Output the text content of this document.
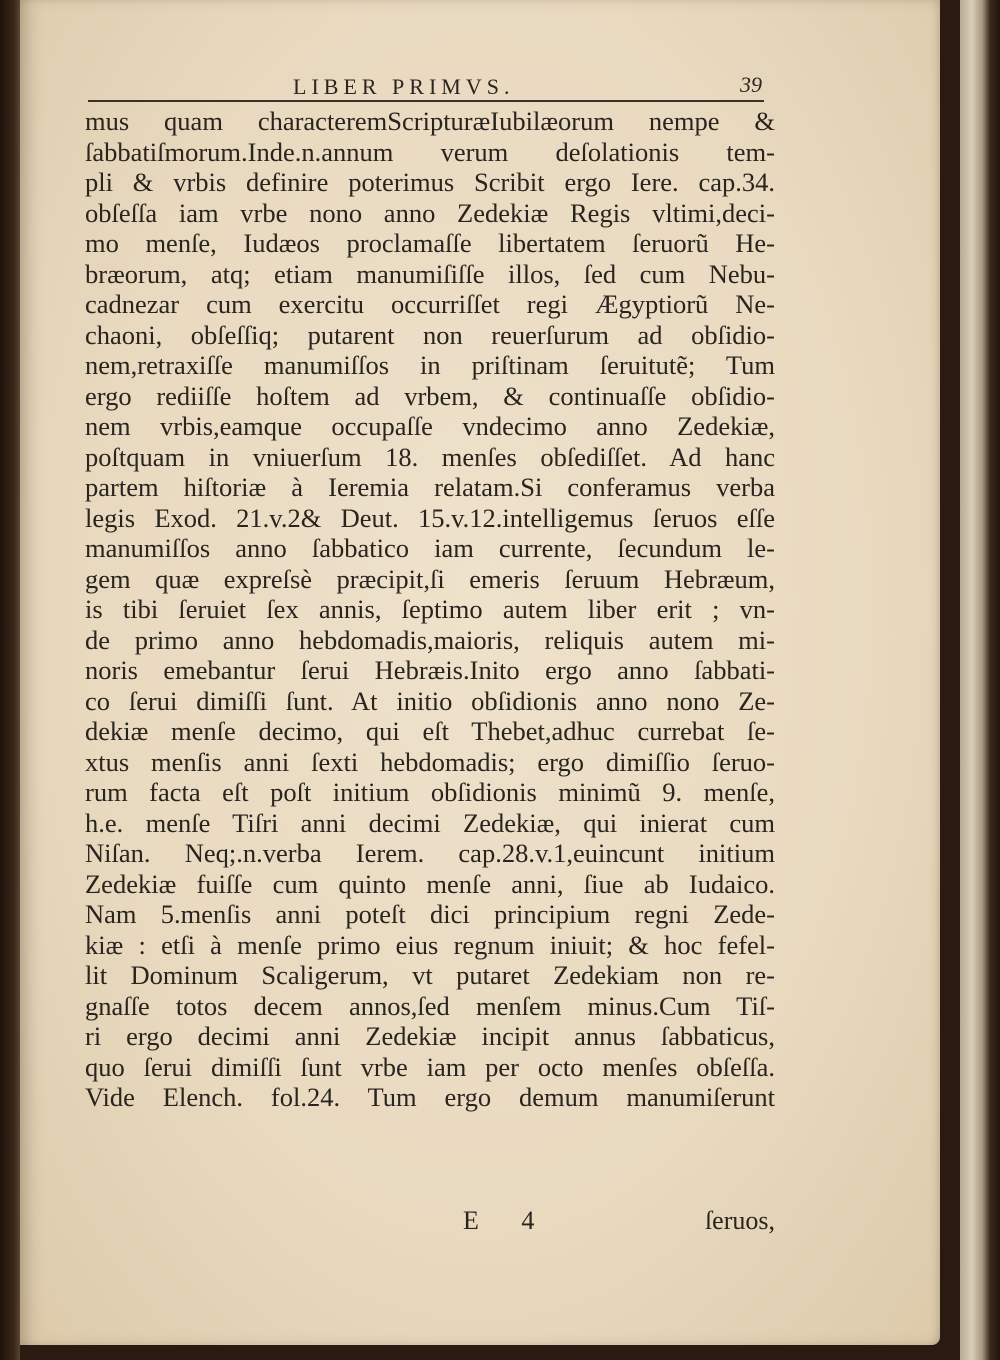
LIBER PRIMVS.	39
mus quam characteremScripturæIubilæorum nempe &
ſabbatiſmorum.Inde.n.annum verum deſolationis tem-
pli & vrbis definire poterimus Scribit ergo Iere. cap.34.
obſeſſa iam vrbe nono anno Zedekiæ Regis vltimi,deci-
mo menſe, Iudæos proclamaſſe libertatem ſeruorũ He-
bræorum, atq; etiam manumiſiſſe illos, ſed cum Nebu-
cadnezar cum exercitu occurriſſet regi Ægyptiorũ Ne-
chaoni, obſeſſiq; putarent non reuerſurum ad obſidio-
nem,retraxiſſe manumiſſos in priſtinam ſeruitutẽ; Tum
ergo rediiſſe hoſtem ad vrbem, & continuaſſe obſidio-
nem vrbis,eamque occupaſſe vndecimo anno Zedekiæ,
poſtquam in vniuerſum 18. menſes obſediſſet. Ad hanc
partem hiſtoriæ à Ieremia relatam.Si conferamus verba
legis Exod. 21.v.2& Deut. 15.v.12.intelligemus ſeruos eſſe
manumiſſos anno ſabbatico iam currente, ſecundum le-
gem quæ expreſsè præcipit,ſi emeris ſeruum Hebræum,
is tibi ſeruiet ſex annis, ſeptimo autem liber erit ; vn-
de primo anno hebdomadis,maioris, reliquis autem mi-
noris emebantur ſerui Hebræis.Inito ergo anno ſabbati-
co ſerui dimiſſi ſunt. At initio obſidionis anno nono Ze-
dekiæ menſe decimo, qui eſt Thebet,adhuc currebat ſe-
xtus menſis anni ſexti hebdomadis; ergo dimiſſio ſeruo-
rum facta eſt poſt initium obſidionis minimũ 9. menſe,
h.e. menſe Tiſri anni decimi Zedekiæ, qui inierat cum
Niſan. Neq;.n.verba Ierem. cap.28.v.1,euincunt initium
Zedekiæ fuiſſe cum quinto menſe anni, ſiue ab Iudaico.
Nam 5.menſis anni poteſt dici principium regni Zede-
kiæ : etſi à menſe primo eius regnum iniuit; & hoc fefel-
lit Dominum Scaligerum, vt putaret Zedekiam non re-
gnaſſe totos decem annos,ſed menſem minus.Cum Tiſ-
ri ergo decimi anni Zedekiæ incipit annus ſabbaticus,
quo ſerui dimiſſi ſunt vrbe iam per octo menſes obſeſſa.
Vide Elench. fol.24. Tum ergo demum manumiſerunt
E 4	ſeruos,
